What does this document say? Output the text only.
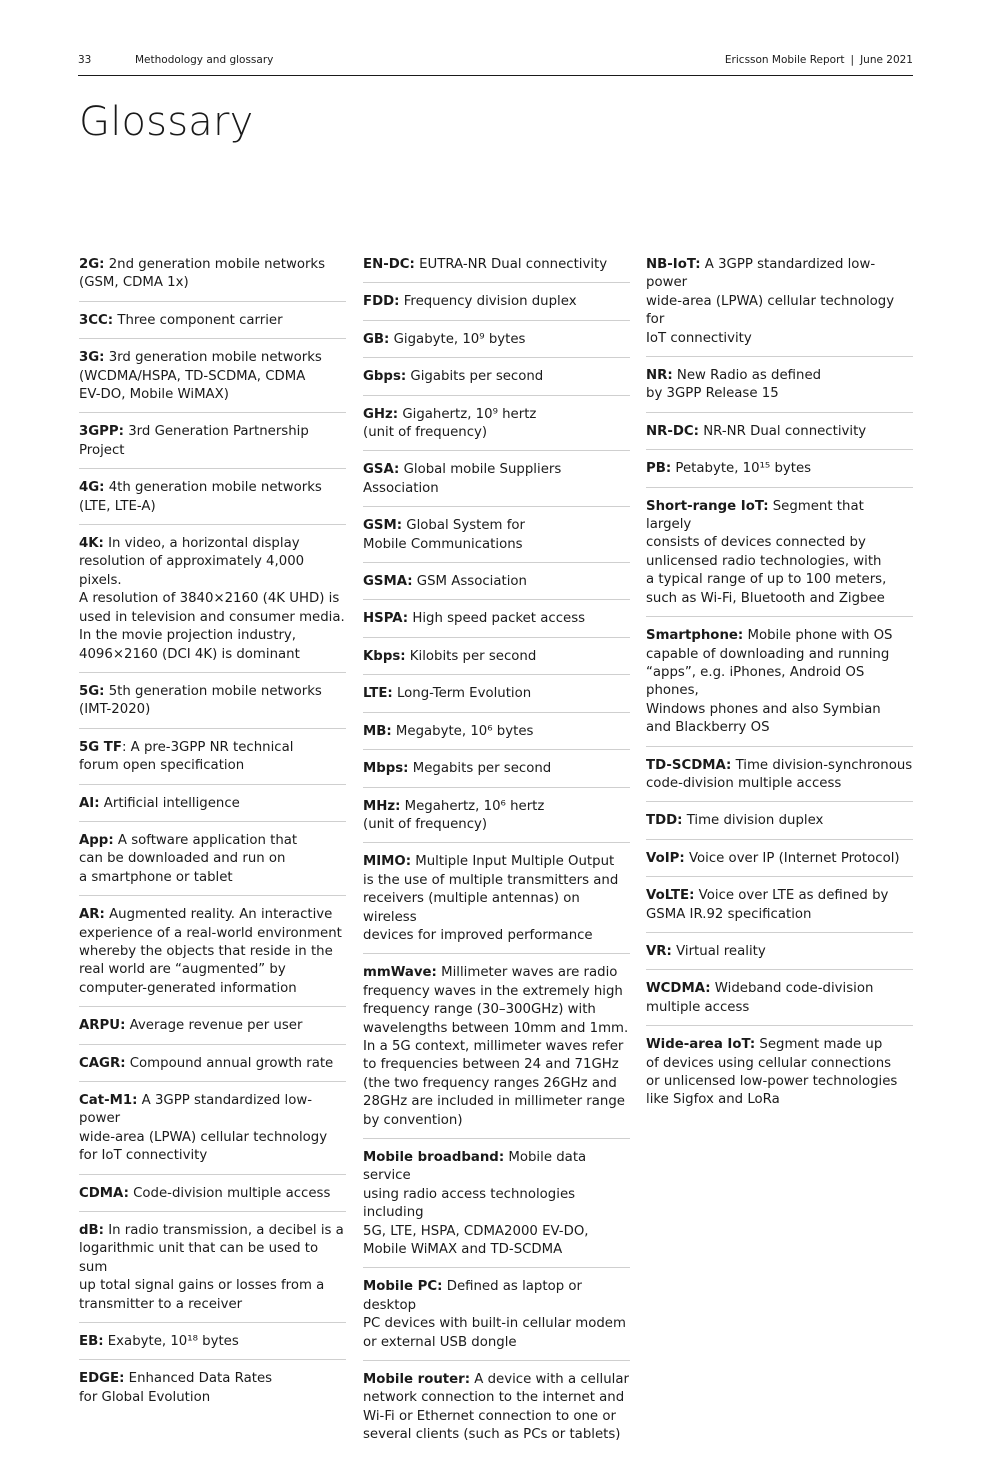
33	Methodology and glossary	Ericsson Mobile Report | June 2021
Glossary
2G: 2nd generation mobile networks
(GSM, CDMA 1x)
3CC: Three component carrier
3G: 3rd generation mobile networks
(WCDMA/HSPA, TD-SCDMA, CDMA
EV-DO, Mobile WiMAX)
3GPP: 3rd Generation Partnership Project
4G: 4th generation mobile networks
(LTE, LTE-A)
4K: In video, a horizontal display
resolution of approximately 4,000 pixels.
A resolution of 3840×2160 (4K UHD) is
used in television and consumer media.
In the movie projection industry,
4096×2160 (DCI 4K) is dominant
5G: 5th generation mobile networks
(IMT-2020)
5G TF: A pre-3GPP NR technical
forum open specification
AI: Artificial intelligence
App: A software application that
can be downloaded and run on
a smartphone or tablet
AR: Augmented reality. An interactive
experience of a real-world environment
whereby the objects that reside in the
real world are “augmented” by
computer-generated information
ARPU: Average revenue per user
CAGR: Compound annual growth rate
Cat-M1: A 3GPP standardized low-power
wide-area (LPWA) cellular technology
for IoT connectivity
CDMA: Code-division multiple access
dB: In radio transmission, a decibel is a
logarithmic unit that can be used to sum
up total signal gains or losses from a
transmitter to a receiver
EB: Exabyte, 10¹⁸ bytes
EDGE: Enhanced Data Rates
for Global Evolution
EN-DC: EUTRA-NR Dual connectivity
FDD: Frequency division duplex
GB: Gigabyte, 10⁹ bytes
Gbps: Gigabits per second
GHz: Gigahertz, 10⁹ hertz
(unit of frequency)
GSA: Global mobile Suppliers Association
GSM: Global System for
Mobile Communications
GSMA: GSM Association
HSPA: High speed packet access
Kbps: Kilobits per second
LTE: Long-Term Evolution
MB: Megabyte, 10⁶ bytes
Mbps: Megabits per second
MHz: Megahertz, 10⁶ hertz
(unit of frequency)
MIMO: Multiple Input Multiple Output
is the use of multiple transmitters and
receivers (multiple antennas) on wireless
devices for improved performance
mmWave: Millimeter waves are radio
frequency waves in the extremely high
frequency range (30–300GHz) with
wavelengths between 10mm and 1mm.
In a 5G context, millimeter waves refer
to frequencies between 24 and 71GHz
(the two frequency ranges 26GHz and
28GHz are included in millimeter range
by convention)
Mobile broadband: Mobile data service
using radio access technologies including
5G, LTE, HSPA, CDMA2000 EV-DO,
Mobile WiMAX and TD-SCDMA
Mobile PC: Defined as laptop or desktop
PC devices with built-in cellular modem
or external USB dongle
Mobile router: A device with a cellular
network connection to the internet and
Wi-Fi or Ethernet connection to one or
several clients (such as PCs or tablets)
NB-IoT: A 3GPP standardized low-power
wide-area (LPWA) cellular technology for
IoT connectivity
NR: New Radio as defined
by 3GPP Release 15
NR-DC: NR-NR Dual connectivity
PB: Petabyte, 10¹⁵ bytes
Short-range IoT: Segment that largely
consists of devices connected by
unlicensed radio technologies, with
a typical range of up to 100 meters,
such as Wi-Fi, Bluetooth and Zigbee
Smartphone: Mobile phone with OS
capable of downloading and running
“apps”, e.g. iPhones, Android OS phones,
Windows phones and also Symbian
and Blackberry OS
TD-SCDMA: Time division-synchronous
code-division multiple access
TDD: Time division duplex
VoIP: Voice over IP (Internet Protocol)
VoLTE: Voice over LTE as defined by
GSMA IR.92 specification
VR: Virtual reality
WCDMA: Wideband code-division
multiple access
Wide-area IoT: Segment made up
of devices using cellular connections
or unlicensed low-power technologies
like Sigfox and LoRa
